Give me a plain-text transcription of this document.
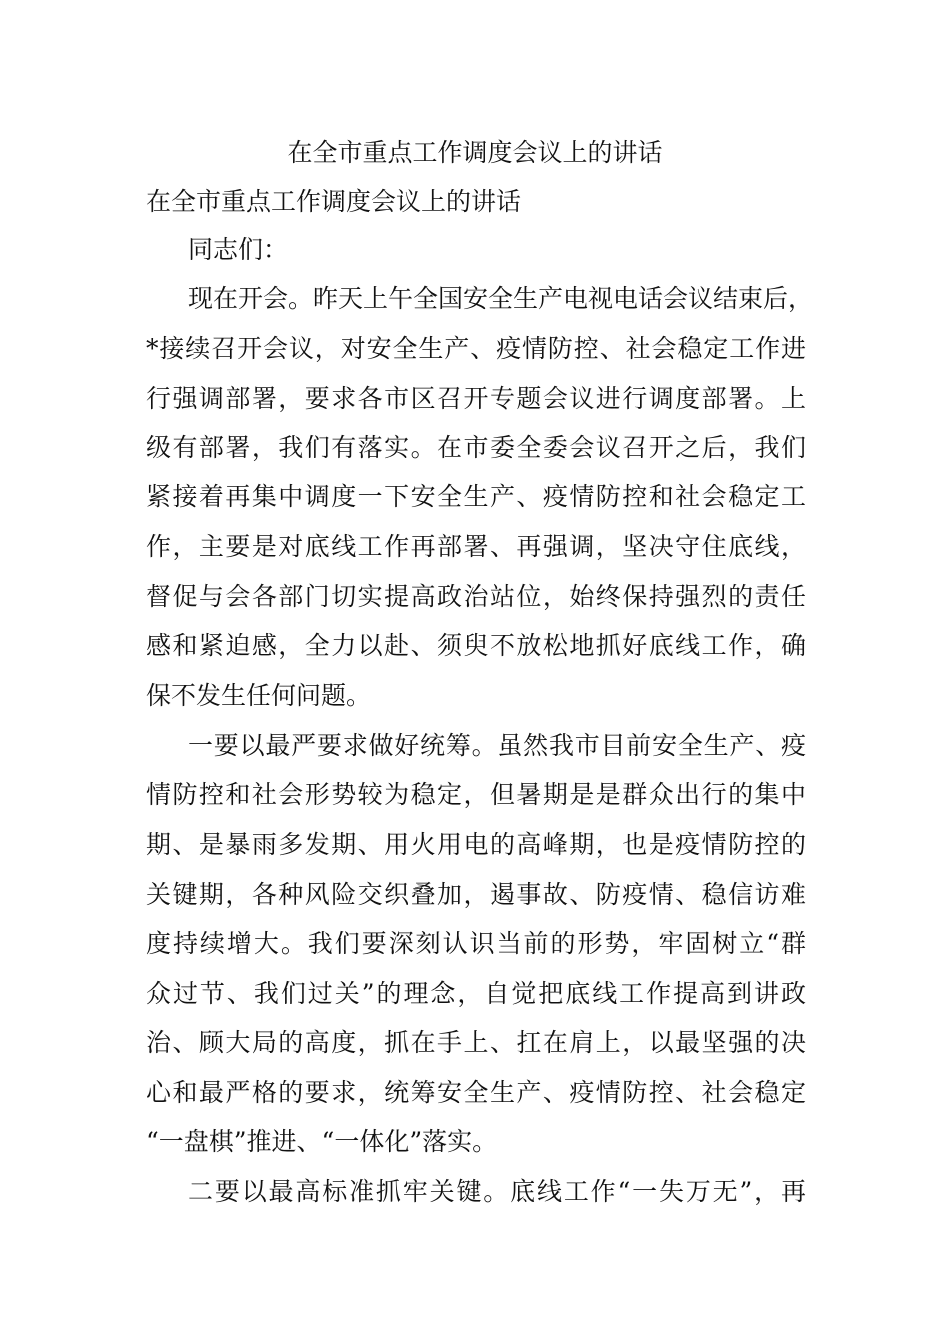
在全市重点工作调度会议上的讲话

在全市重点工作调度会议上的讲话

同志们：

现在开会。昨天上午全国安全生产电视电话会议结束后，

*接续召开会议，对安全生产、疫情防控、社会稳定工作进

行强调部署，要求各市区召开专题会议进行调度部署。上

级有部署，我们有落实。在市委全委会议召开之后，我们

紧接着再集中调度一下安全生产、疫情防控和社会稳定工

作，主要是对底线工作再部署、再强调，坚决守住底线，

督促与会各部门切实提高政治站位，始终保持强烈的责任

感和紧迫感，全力以赴、须臾不放松地抓好底线工作，确

保不发生任何问题。

一要以最严要求做好统筹。虽然我市目前安全生产、疫

情防控和社会形势较为稳定，但暑期是是群众出行的集中

期、是暴雨多发期、用火用电的高峰期，也是疫情防控的

关键期，各种风险交织叠加，遏事故、防疫情、稳信访难

度持续增大。我们要深刻认识当前的形势，牢固树立“群

众过节、我们过关”的理念，自觉把底线工作提高到讲政

治、顾大局的高度，抓在手上、扛在肩上，以最坚强的决

心和最严格的要求，统筹安全生产、疫情防控、社会稳定

“一盘棋”推进、“一体化”落实。

二要以最高标准抓牢关键。底线工作“一失万无”，再
